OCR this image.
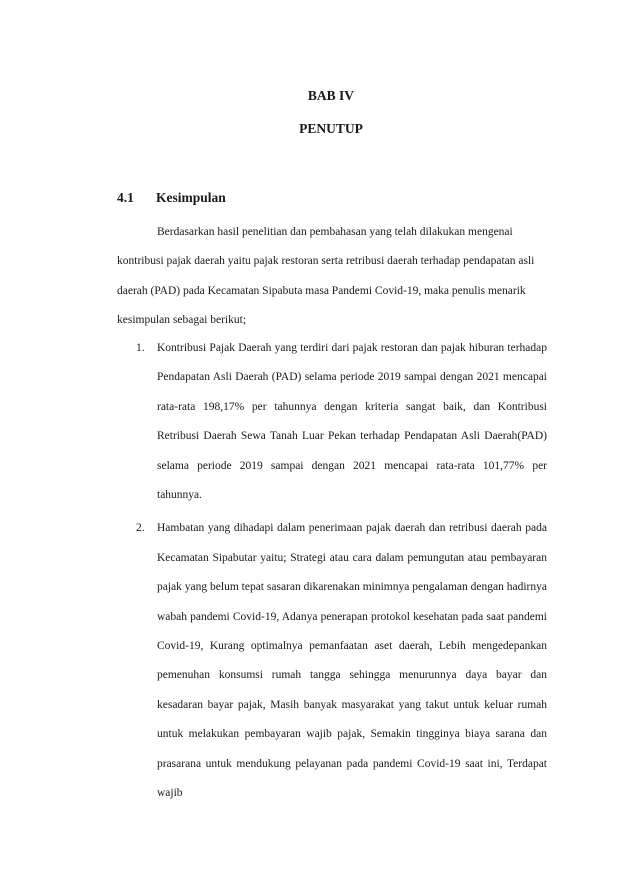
BAB IV
PENUTUP
4.1 Kesimpulan

Berdasarkan hasil penelitian dan pembahasan yang telah dilakukan mengenai kontribusi pajak daerah yaitu pajak restoran serta retribusi daerah terhadap pendapatan asli daerah (PAD) pada Kecamatan Sipabuta masa Pandemi Covid-19, maka penulis menarik kesimpulan sebagai berikut;

1. Kontribusi Pajak Daerah yang terdiri dari pajak restoran dan pajak hiburan terhadap Pendapatan Asli Daerah (PAD) selama periode 2019 sampai dengan 2021 mencapai rata-rata 198,17% per tahunnya dengan kriteria sangat baik, dan Kontribusi Retribusi Daerah Sewa Tanah Luar Pekan terhadap Pendapatan Asli Daerah(PAD) selama periode 2019 sampai dengan 2021 mencapai rata-rata 101,77% per tahunnya.
2. Hambatan yang dihadapi dalam penerimaan pajak daerah dan retribusi daerah pada Kecamatan Sipabutar yaitu; Strategi atau cara dalam pemungutan atau pembayaran pajak yang belum tepat sasaran dikarenakan minimnya pengalaman dengan hadirnya wabah pandemi Covid-19, Adanya penerapan protokol kesehatan pada saat pandemi Covid-19, Kurang optimalnya pemanfaatan aset daerah, Lebih mengedepankan pemenuhan konsumsi rumah tangga sehingga menurunnya daya bayar dan kesadaran bayar pajak, Masih banyak masyarakat yang takut untuk keluar rumah untuk melakukan pembayaran wajib pajak, Semakin tingginya biaya sarana dan prasarana untuk mendukung pelayanan pada pandemi Covid-19 saat ini, Terdapat wajib
